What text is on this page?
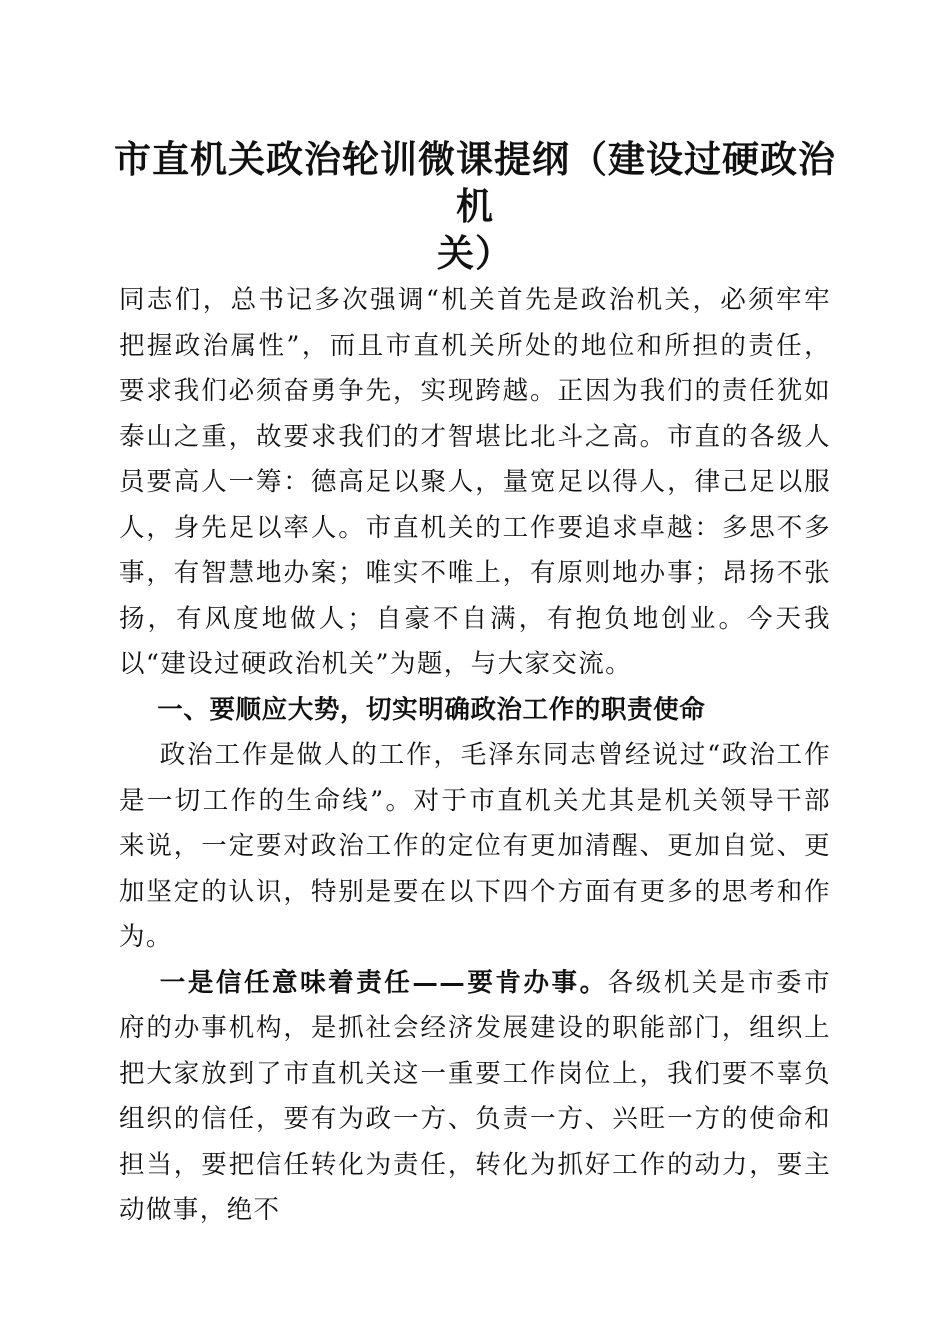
市直机关政治轮训微课提纲（建设过硬政治机
关）

同志们，总书记多次强调“机关首先是政治机关，必须牢牢把握政治属性”，而且市直机关所处的地位和所担的责任，要求我们必须奋勇争先，实现跨越。正因为我们的责任犹如泰山之重，故要求我们的才智堪比北斗之高。市直的各级人员要高人一筹：德高足以聚人，量宽足以得人，律己足以服人，身先足以率人。市直机关的工作要追求卓越：多思不多事，有智慧地办案；唯实不唯上，有原则地办事；昂扬不张扬，有风度地做人；自豪不自满，有抱负地创业。今天我以“建设过硬政治机关”为题，与大家交流。

一、要顺应大势，切实明确政治工作的职责使命

政治工作是做人的工作，毛泽东同志曾经说过“政治工作是一切工作的生命线”。对于市直机关尤其是机关领导干部来说，一定要对政治工作的定位有更加清醒、更加自觉、更加坚定的认识，特别是要在以下四个方面有更多的思考和作为。

一是信任意味着责任——要肯办事。各级机关是市委市府的办事机构，是抓社会经济发展建设的职能部门，组织上把大家放到了市直机关这一重要工作岗位上，我们要不辜负组织的信任，要有为政一方、负责一方、兴旺一方的使命和担当，要把信任转化为责任，转化为抓好工作的动力，要主动做事，绝不
